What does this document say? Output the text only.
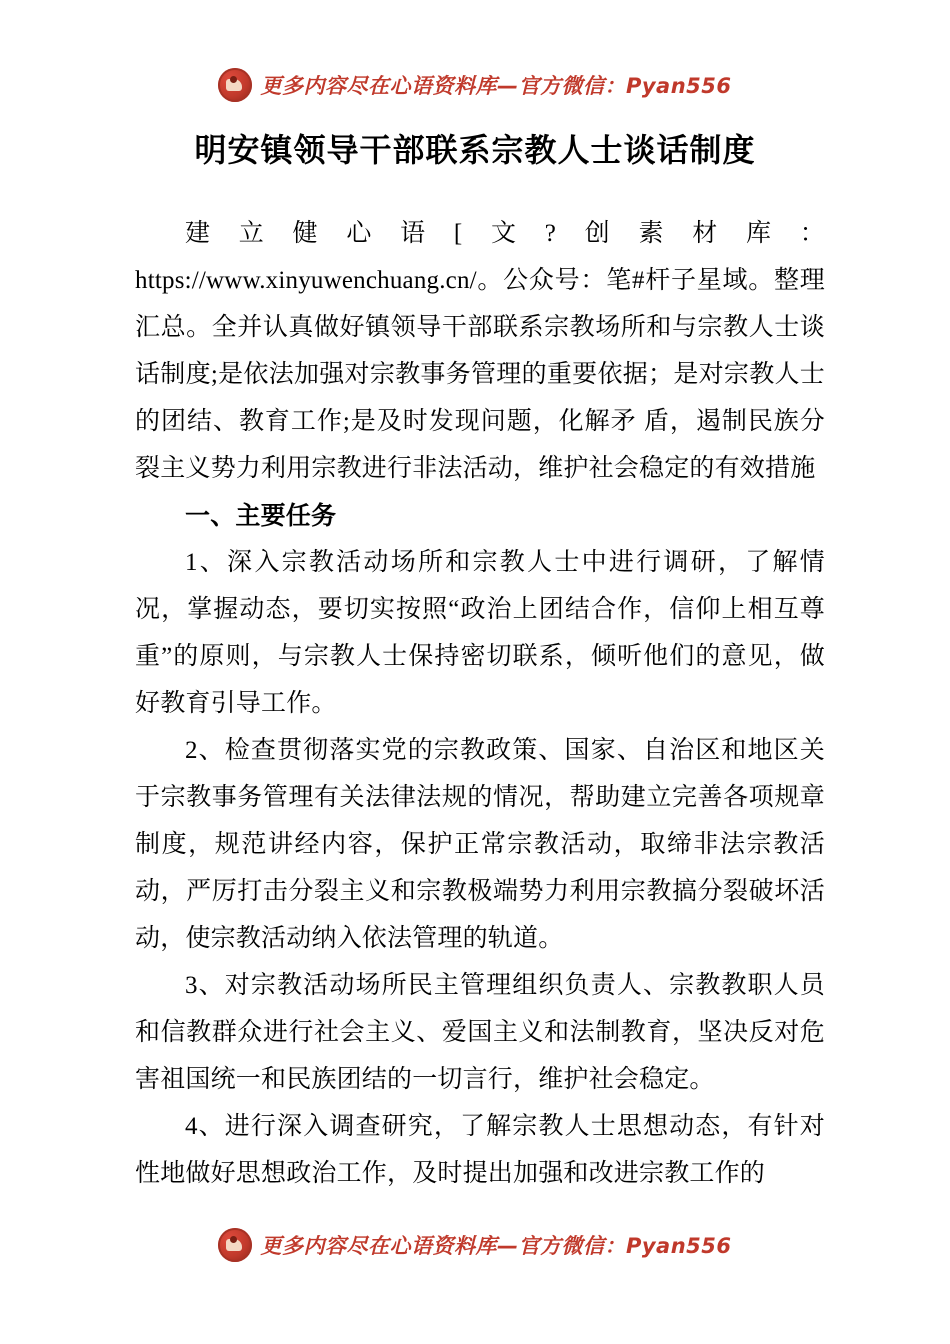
更多内容尽在心语资料库—官方微信：Pyan556
明安镇领导干部联系宗教人士谈话制度

建立健心语[文?创素材库：https://www.xinyuwenchuang.cn/。公众号：笔#杆子星域。整理汇总。全并认真做好镇领导干部联系宗教场所和与宗教人士谈话制度;是依法加强对宗教事务管理的重要依据；是对宗教人士的团结、教育工作;是及时发现问题，化解矛 盾，遏制民族分裂主义势力利用宗教进行非法活动，维护社会稳定的有效措施

一、主要任务

1、深入宗教活动场所和宗教人士中进行调研，了解情况，掌握动态，要切实按照“政治上团结合作，信仰上相互尊重”的原则，与宗教人士保持密切联系，倾听他们的意见，做好教育引导工作。

2、检查贯彻落实党的宗教政策、国家、自治区和地区关于宗教事务管理有关法律法规的情况，帮助建立完善各项规章制度，规范讲经内容，保护正常宗教活动，取缔非法宗教活动，严厉打击分裂主义和宗教极端势力利用宗教搞分裂破坏活动，使宗教活动纳入依法管理的轨道。

3、对宗教活动场所民主管理组织负责人、宗教教职人员和信教群众进行社会主义、爱国主义和法制教育，坚决反对危害祖国统一和民族团结的一切言行，维护社会稳定。

4、进行深入调查研究，了解宗教人士思想动态，有针对性地做好思想政治工作，及时提出加强和改进宗教工作的

更多内容尽在心语资料库—官方微信：Pyan556
